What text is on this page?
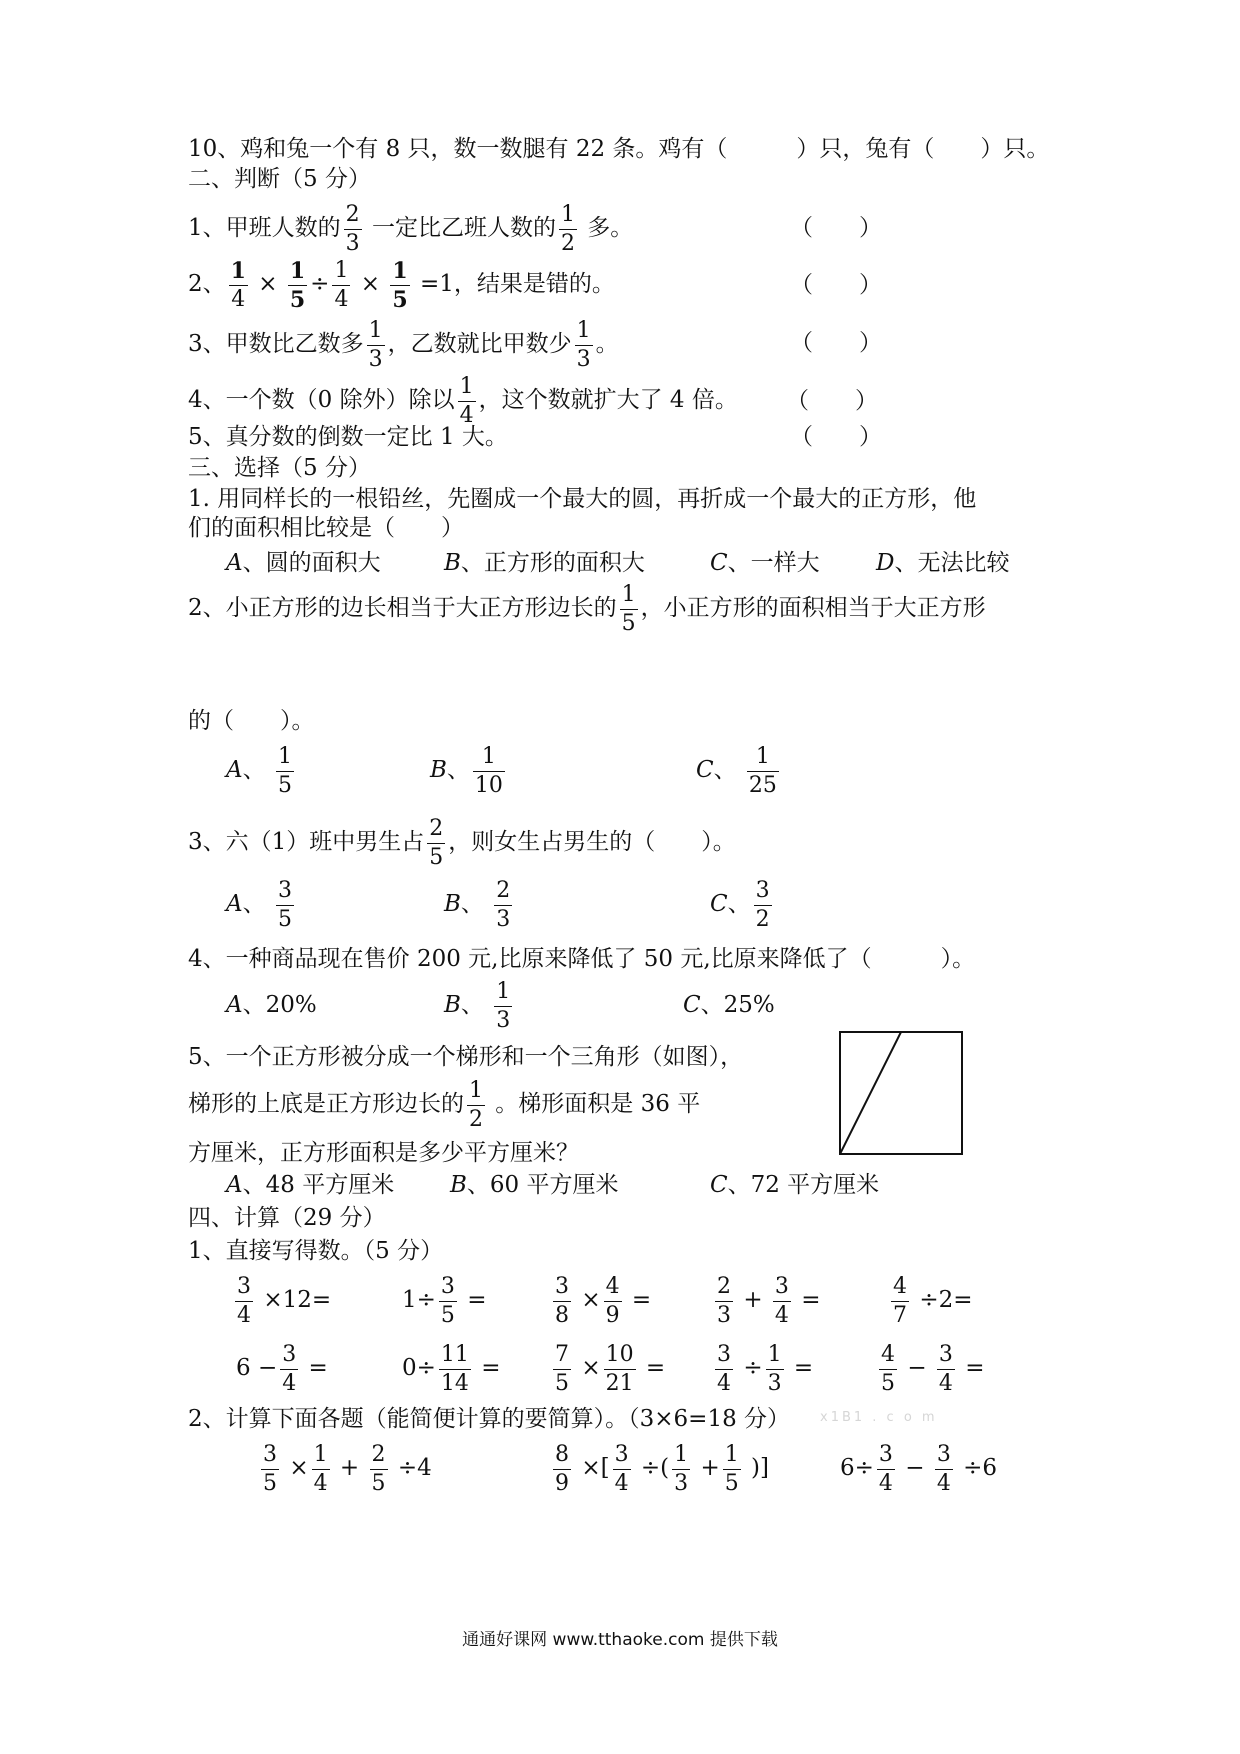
10、鸡和兔一个有 8 只，数一数腿有 22 条。鸡有（　　　）只，兔有（　　）只。
二、判断（5 分）
1、甲班人数的 $\frac{2}{3}$ 一定比乙班人数的 $\frac{1}{2}$ 多。	（　　）
2、 $\frac{1}{4} \times \frac{1}{5} \div \frac{1}{4} \times \frac{1}{5} =1$，结果是错的。	（　　）
3、甲数比乙数多 $\frac{1}{3}$ ，乙数就比甲数少 $\frac{1}{3}$ 。	（　　）
4、一个数（0 除外）除以 $\frac{1}{4}$ ，这个数就扩大了 4 倍。 （　　）
5、真分数的倒数一定比 1 大。	（　　）
三、选择（5 分）
1. 用同样长的一根铅丝，先圈成一个最大的圆，再折成一个最大的正方形，他
们的面积相比较是（　　）
A、圆的面积大	B、正方形的面积大	C、一样大 D、无法比较
2、小正方形的边长相当于大正方形边长的 $\frac{1}{5}$ ，小正方形的面积相当于大正方形
的（　　）。
A、 $\frac{1}{5}$	B、 $\frac{1}{10}$	C、 $\frac{1}{25}$
3、六（1）班中男生占 $\frac{2}{5}$ ，则女生占男生的（　　）。
A、 $\frac{3}{5}$	B、 $\frac{2}{3}$	C、 $\frac{3}{2}$
4、一种商品现在售价 200 元,比原来降低了 50 元,比原来降低了（　　　）。
A、20%	B、 $\frac{1}{3}$	C、25%
5、一个正方形被分成一个梯形和一个三角形（如图），
梯形的上底是正方形边长的 $\frac{1}{2}$ 。梯形面积是 36 平
方厘米，正方形面积是多少平方厘米？
A、48 平方厘米 B、60 平方厘米	C、72 平方厘米
四、计算（29 分）
1、直接写得数。（5 分）
$\frac{3}{4} \times 12=$	$1\div \frac{3}{5}$ =	$\frac{3}{8} \times \frac{4}{9}$ =	$\frac{2}{3} + \frac{3}{4}$ =	$\frac{4}{7} \div 2=$
$6 - \frac{3}{4}$ =	$0\div \frac{11}{14} = \frac{7}{5} \times \frac{10}{21} = \frac{3}{4} \div \frac{1}{3}$ =	$\frac{4}{5} - \frac{3}{4}$ =
2、计算下面各题（能简便计算的要简算）。（3×6=18 分） x1B1 . c o m
$\frac{3}{5} \times \frac{1}{4} + \frac{2}{5} \div 4$	$\frac{8}{9}$ ×[ $\frac{3}{4}$ ÷( $\frac{1}{3} + \frac{1}{5}$ )]	$6\div \frac{3}{4} - \frac{3}{4} \div 6$
通通好课网 www.tthaoke.com 提供下载
